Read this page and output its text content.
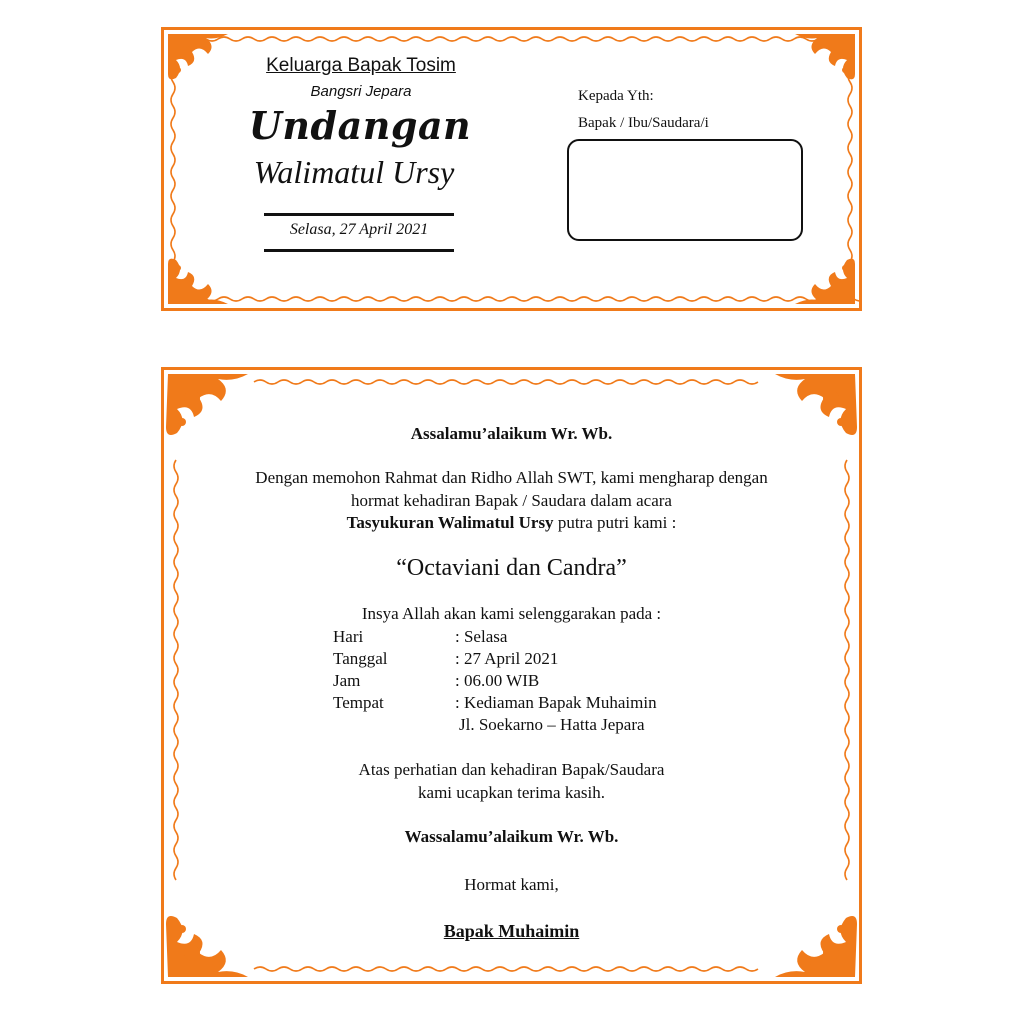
Keluarga Bapak Tosim
Bangsri Jepara
Undangan
Walimatul Ursy
Selasa, 27 April 2021
Kepada Yth:
Bapak / Ibu/Saudara/i
Assalamu’alaikum Wr. Wb.
Dengan memohon Rahmat dan Ridho Allah SWT, kami mengharap dengan
hormat kehadiran Bapak / Saudara dalam acara
Tasyukuran Walimatul Ursy putra putri kami :
“Octaviani dan Candra”
Insya Allah akan kami selenggarakan pada :
Hari	: Selasa
Tanggal	: 27 April 2021
Jam	: 06.00 WIB
Tempat	: Kediaman Bapak Muhaimin
Jl. Soekarno – Hatta Jepara
Atas perhatian dan kehadiran Bapak/Saudara
kami ucapkan terima kasih.
Wassalamu’alaikum Wr. Wb.
Hormat kami,
Bapak Muhaimin
